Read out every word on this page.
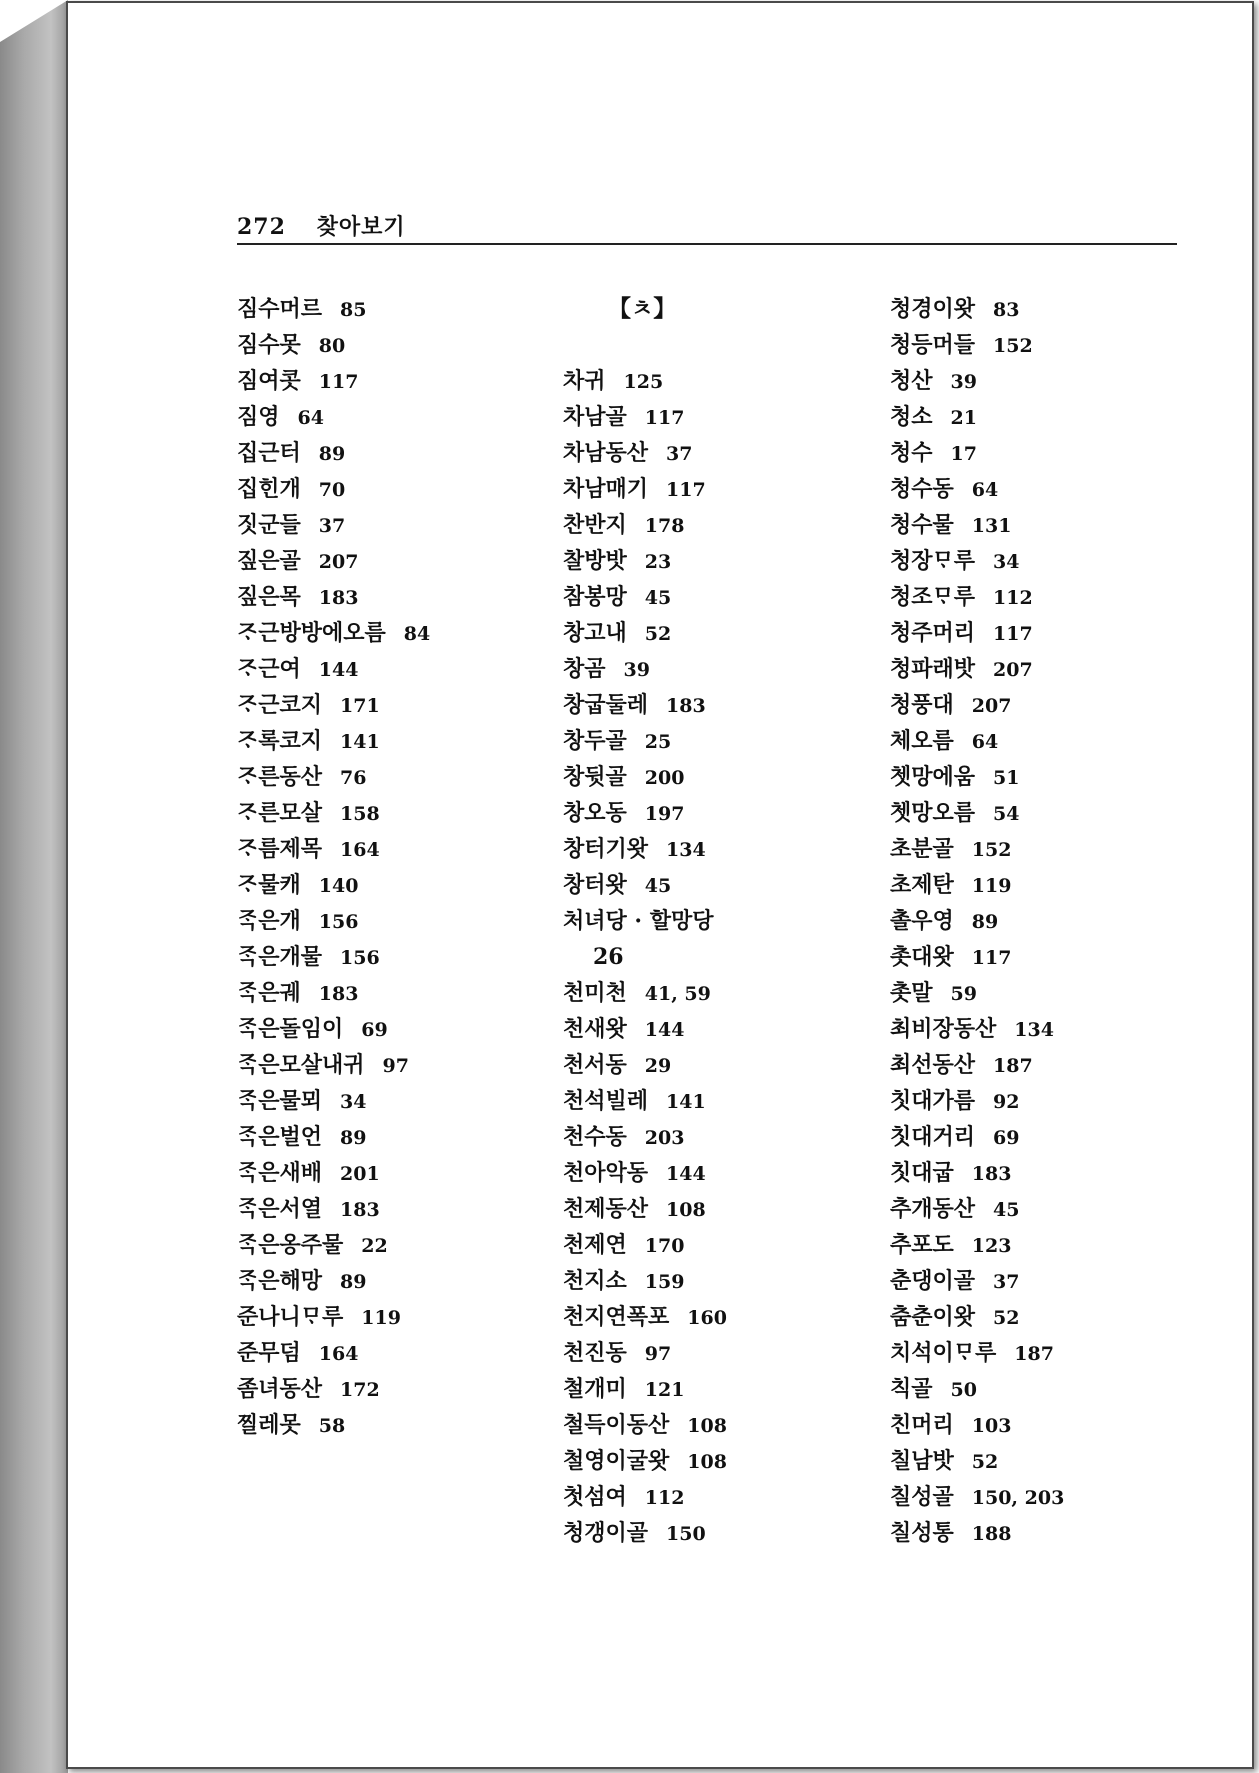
272 찾아보기
짐수머르 85
짐수못 80
짐여콧 117
짐영 64
집근터 89
집힌개 70
짓군들 37
짚은골 207
짚은목 183
ᄌᆞ근방방에오름 84
ᄌᆞ근여 144
ᄌᆞ근코지 171
ᄌᆞ록코지 141
ᄌᆞ른동산 76
ᄌᆞ른모살 158
ᄌᆞ름제목 164
ᄌᆞ물캐 140
ᄌᆞᆨ은개 156
ᄌᆞᆨ은개물 156
ᄌᆞᆨ은궤 183
ᄌᆞᆨ은돌임이 69
ᄌᆞᆨ은모살내귀 97
ᄌᆞᆨ은물뫼 34
ᄌᆞᆨ은벌언 89
ᄌᆞᆨ은새배 201
ᄌᆞᆨ은서열 183
ᄌᆞᆨ은옹주물 22
ᄌᆞᆨ은해망 89
준나니ᄆᆞ루 119
준무덤 164
좀녀동산 172
찔레못 58
【ㅊ】
차귀 125
차남골 117
차남동산 37
차남매기 117
찬반지 178
찰방밧 23
참봉망 45
창고내 52
창곰 39
창굽둘레 183
창두골 25
창뒷골 200
창오동 197
창터기왓 134
창터왓 45
처녀당 · 할망당
26
천미천 41, 59
천새왓 144
천서동 29
천석빌레 141
천수동 203
천아악동 144
천제동산 108
천제연 170
천지소 159
천지연폭포 160
천진동 97
철개미 121
철득이동산 108
철영이굴왓 108
첫섬여 112
청갱이골 150
청경이왓 83
청등머들 152
청산 39
청소 21
청수 17
청수동 64
청수물 131
청장ᄆᆞ루 34
청조ᄆᆞ루 112
청주머리 117
청파래밧 207
청풍대 207
체오름 64
쳇망에움 51
쳇망오름 54
초분골 152
초제탄 119
촐우영 89
촛대왓 117
촛말 59
최비장동산 134
최선동산 187
칫대가름 92
칫대거리 69
칫대굽 183
추개동산 45
추포도 123
춘댕이골 37
춤춘이왓 52
치석이ᄆᆞ루 187
칙골 50
친머리 103
칠남밧 52
칠성골 150, 203
칠성통 188
